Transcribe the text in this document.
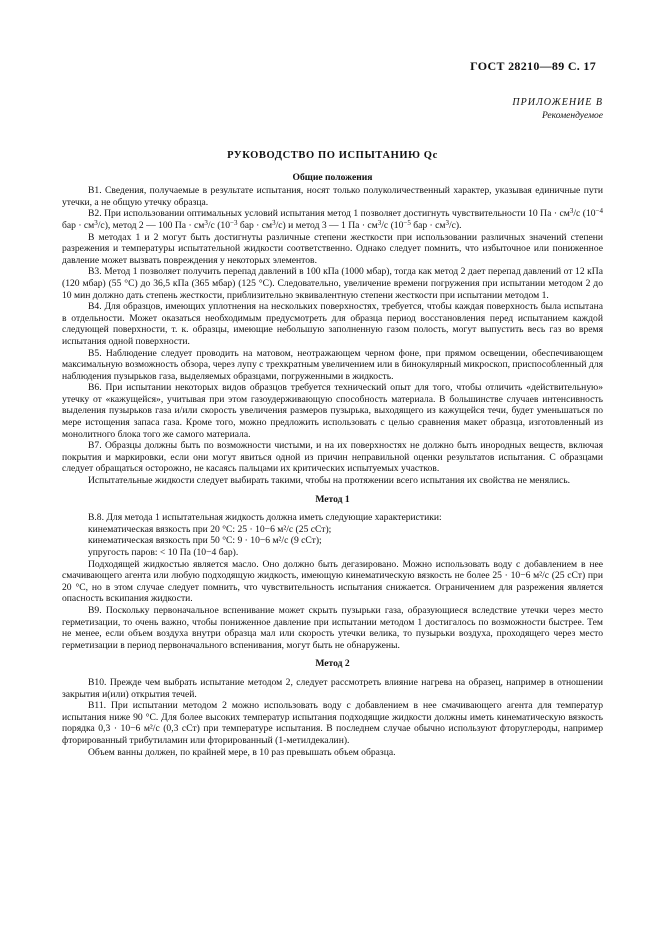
ГОСТ 28210—89 С. 17
ПРИЛОЖЕНИЕ В
Рекомендуемое
РУКОВОДСТВО ПО ИСПЫТАНИЮ Qc
Общие положения

В1. Сведения, получаемые в результате испытания, носят только полуколичественный характер, указывая единичные пути утечки, а не общую утечку образца.

В2. При использовании оптимальных условий испытания метод 1 позволяет достигнуть чувствительности 10 Па · $см^3/с$ ($10^{-4}$ бар · $см^3/с$), метод 2 — 100 Па · $см^3/с$ ($10^{-3}$ бар · $см^3/с$) и метод 3 — 1 Па · $см^3/с$ ($10^{-5}$ бар · $см^3/с$).

В методах 1 и 2 могут быть достигнуты различные степени жесткости при использовании различных значений степени разрежения и температуры испытательной жидкости соответственно. Однако следует помнить, что избыточное или пониженное давление может вызвать повреждения у некоторых элементов.

В3. Метод 1 позволяет получить перепад давлений в 100 кПа (1000 мбар), тогда как метод 2 дает перепад давлений от 12 кПа (120 мбар) (55 °С) до 36,5 кПа (365 мбар) (125 °С). Следовательно, увеличение времени погружения при испытании методом 2 до 10 мин должно дать степень жесткости, приблизительно эквивалентную степени жесткости при испытании методом 1.

В4. Для образцов, имеющих уплотнения на нескольких поверхностях, требуется, чтобы каждая поверхность была испытана в отдельности. Может оказаться необходимым предусмотреть для образца период восстановления перед испытанием каждой следующей поверхности, т. к. образцы, имеющие небольшую заполненную газом полость, могут выпустить весь газ во время испытания одной поверхности.

В5. Наблюдение следует проводить на матовом, неотражающем черном фоне, при прямом освещении, обеспечивающем максимальную возможность обзора, через лупу с трехкратным увеличением или в бинокулярный микроскоп, приспособленный для наблюдения пузырьков газа, выделяемых образцами, погруженными в жидкость.

В6. При испытании некоторых видов образцов требуется технический опыт для того, чтобы отличить «действительную» утечку от «кажущейся», учитывая при этом газоудерживающую способность материала. В большинстве случаев интенсивность выделения пузырьков газа и/или скорость увеличения размеров пузырька, выходящего из кажущейся течи, будет уменьшаться по мере истощения запаса газа. Кроме того, можно предложить использовать с целью сравнения макет образца, изготовленный из монолитного блока того же самого материала.

В7. Образцы должны быть по возможности чистыми, и на их поверхностях не должно быть инородных веществ, включая покрытия и маркировки, если они могут явиться одной из причин неправильной оценки результатов испытания. С образцами следует обращаться осторожно, не касаясь пальцами их критических испытуемых участков.

Испытательные жидкости следует выбирать такими, чтобы на протяжении всего испытания их свойства не менялись.

Метод 1

В.8. Для метода 1 испытательная жидкость должна иметь следующие характеристики:

кинематическая вязкость при 20 °С: 25 · 10−6 м²/с (25 сСт);

кинематическая вязкость при 50 °С: 9 · 10−6 м²/с (9 сСт);

упругость паров: < 10 Па (10−4 бар).

Подходящей жидкостью является масло. Оно должно быть дегазировано. Можно использовать воду с добавлением в нее смачивающего агента или любую подходящую жидкость, имеющую кинематическую вязкость не более 25 · 10−6 м²/с (25 сСт) при 20 °С, но в этом случае следует помнить, что чувствительность испытания снижается. Ограничением для разрежения является опасность вскипания жидкости.

В9. Поскольку первоначальное вспенивание может скрыть пузырьки газа, образующиеся вследствие утечки через место герметизации, то очень важно, чтобы пониженное давление при испытании методом 1 достигалось по возможности быстрее. Тем не менее, если объем воздуха внутри образца мал или скорость утечки велика, то пузырьки воздуха, проходящего через место герметизации в период первоначального вспенивания, могут быть не обнаружены.

Метод 2

В10. Прежде чем выбрать испытание методом 2, следует рассмотреть влияние нагрева на образец, например в отношении закрытия и(или) открытия течей.

В11. При испытании методом 2 можно использовать воду с добавлением в нее смачивающего агента для температур испытания ниже 90 °С. Для более высоких температур испытания подходящие жидкости должны иметь кинематическую вязкость порядка 0,3 · 10−6 м²/с (0,3 сСт) при температуре испытания. В последнем случае обычно используют фторуглероды, например фторированный трибутиламин или фторированный (1-метилдекалин).

Объем ванны должен, по крайней мере, в 10 раз превышать объем образца.
